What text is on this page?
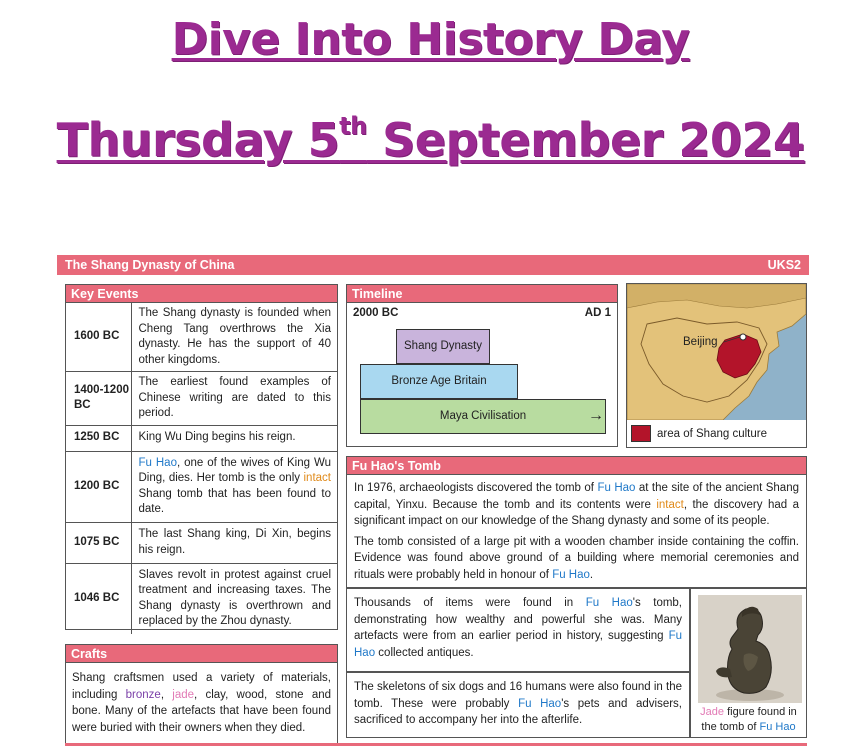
Dive Into History Day
Thursday 5th September 2024
The Shang Dynasty of China	UKS2
Key Events
1600 BC	The Shang dynasty is founded when Cheng Tang overthrows the Xia dynasty. He has the support of 40 other kingdoms.
1400-1200 BC	The earliest found examples of Chinese writing are dated to this period.
1250 BC	King Wu Ding begins his reign.
1200 BC	Fu Hao, one of the wives of King Wu Ding, dies. Her tomb is the only intact Shang tomb that has been found to date.
1075 BC	The last Shang king, Di Xin, begins his reign.
1046 BC	Slaves revolt in protest against cruel treatment and increasing taxes. The Shang dynasty is overthrown and replaced by the Zhou dynasty.
Crafts

Shang craftsmen used a variety of materials, including bronze, jade, clay, wood, stone and bone. Many of the artefacts that have been found were buried with their owners when they died.

Timeline
2000 BC	AD 1
Maya Civilisation
Bronze Age Britain
Shang Dynasty
→
Beijing
area of Shang culture
Fu Hao's Tomb

In 1976, archaeologists discovered the tomb of Fu Hao at the site of the ancient Shang capital, Yinxu. Because the tomb and its contents were intact, the discovery had a significant impact on our knowledge of the Shang dynasty and some of its people.

The tomb consisted of a large pit with a wooden chamber inside containing the coffin. Evidence was found above ground of a building where memorial ceremonies and rituals were probably held in honour of Fu Hao.

Thousands of items were found in Fu Hao's tomb, demonstrating how wealthy and powerful she was. Many artefacts were from an earlier period in history, suggesting Fu Hao collected antiques.

The skeletons of six dogs and 16 humans were also found in the tomb. These were probably Fu Hao's pets and advisers, sacrificed to accompany her into the afterlife.

Jade figure found in the tomb of Fu Hao
